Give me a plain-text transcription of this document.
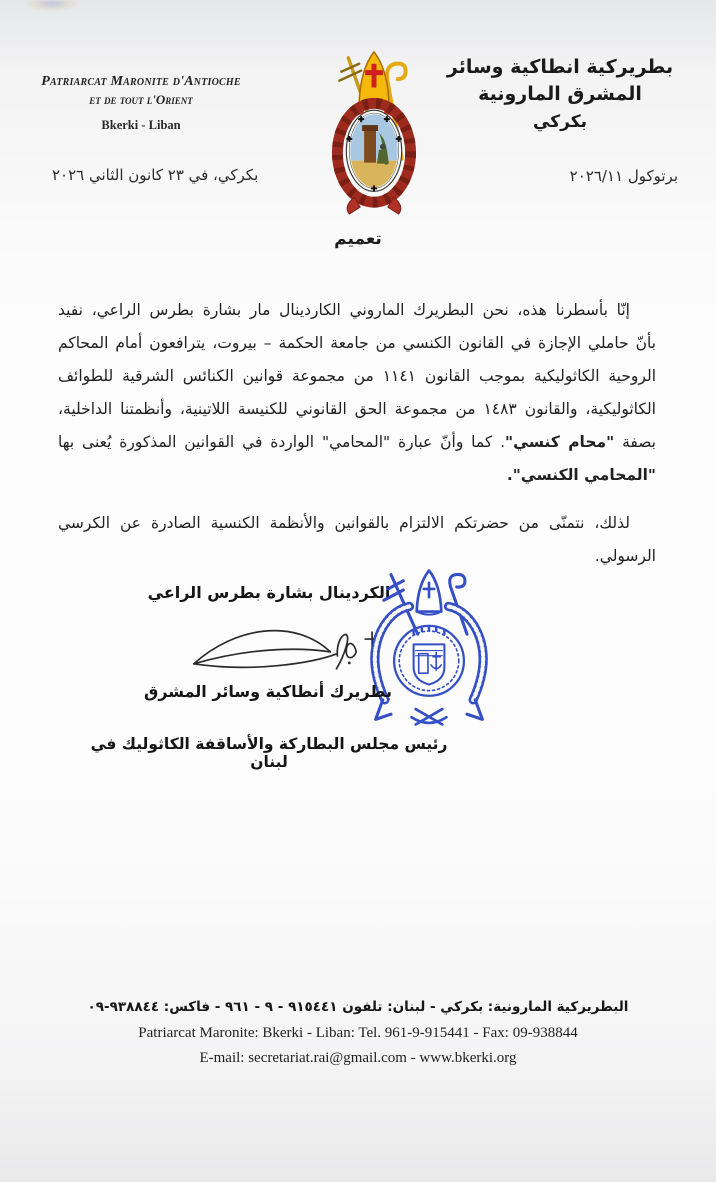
Patriarcat Maronite d'Antioche
et de tout l'Orient
Bkerki - Liban
بطريركية انطاكية وسائر المشرق المارونية
بكركي
برتوكول ٢٠٢٦/١١
بكركي، في ٢٣ كانون الثاني ٢٠٢٦
تعميم
إنّا بأسطرنا هذه، نحن البطريرك الماروني الكاردينال مار بشارة بطرس الراعي، نفيد
بأنّ حاملي الإجازة في القانون الكنسي من جامعة الحكمة – بيروت، يترافعون أمام المحاكم
الروحية الكاثوليكية بموجب القانون ١١٤١ من مجموعة قوانين الكنائس الشرقية للطوائف
الكاثوليكية، والقانون ١٤٨٣ من مجموعة الحق القانوني للكنيسة اللاتينية، وأنظمتنا الداخلية،
بصفة "محام كنسي". كما وأنّ عبارة "المحامي" الواردة في القوانين المذكورة يُعنى بها
"المحامي الكنسي".
لذلك، نتمنّى من حضرتكم الالتزام بالقوانين والأنظمة الكنسية الصادرة عن الكرسي
الرسولي.
الكردينال بشارة بطرس الراعي
بطريرك أنطاكية وسائر المشرق
رئيس مجلس البطاركة والأساقفة الكاثوليك في لبنان
البطريركية المارونية: بكركي - لبنان: تلفون ٩١٥٤٤١ - ٩ - ٩٦١ - فاكس: ٩٣٨٨٤٤-٠٩
Patriarcat Maronite: Bkerki - Liban: Tel. 961-9-915441 - Fax: 09-938844
E-mail: secretariat.rai@gmail.com - www.bkerki.org
